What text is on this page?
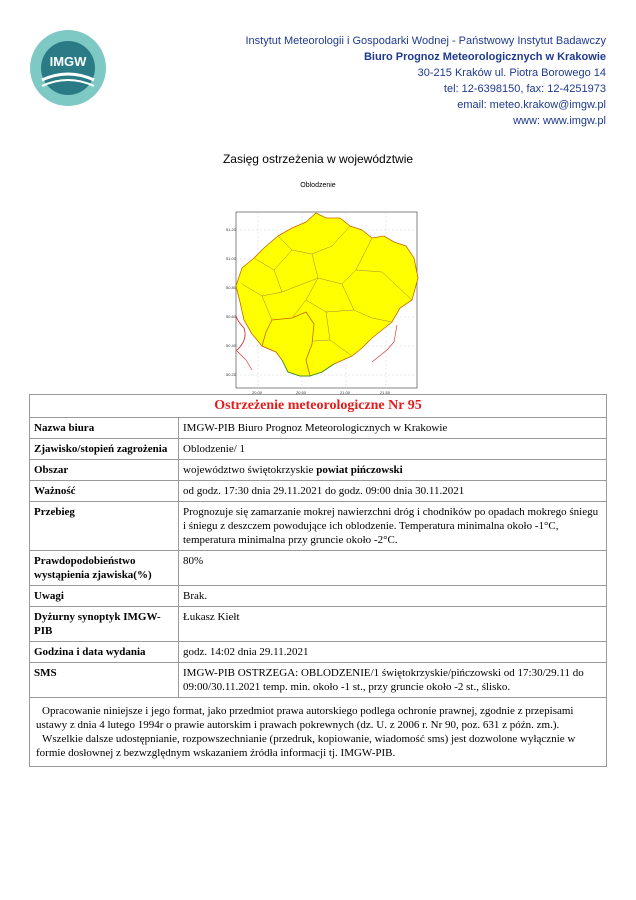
IMGW
Instytut Meteorologii i Gospodarki Wodnej - Państwowy Instytut Badawczy
Biuro Prognoz Meteorologicznych w Krakowie
30-215 Kraków ul. Piotra Borowego 14
tel: 12-6398150, fax: 12-4251973
email: meteo.krakow@imgw.pl
www: www.imgw.pl
Zasięg ostrzeżenia w województwie
Oblodzenie
51.20
51.00
50.80
50.60
50.40
50.20
20.00	20.50	21.00	21.50
Ostrzeżenie meteorologiczne Nr 95	
Nazwa biura	IMGW-PIB Biuro Prognoz Meteorologicznych w Krakowie
Zjawisko/stopień zagrożenia	Oblodzenie/ 1
Obszar	województwo świętokrzyskie powiat pińczowski
Ważność	od godz. 17:30 dnia 29.11.2021 do godz. 09:00 dnia 30.11.2021
Przebieg	Prognozuje się zamarzanie mokrej nawierzchni dróg i chodników po opadach mokrego śniegu i śniegu z deszczem powodujące ich oblodzenie. Temperatura minimalna około -1°C, temperatura minimalna przy gruncie około -2°C.
Prawdopodobieństwo wystąpienia zjawiska(%)	80%
Uwagi	Brak.
Dyżurny synoptyk IMGW-PIB	Łukasz Kiełt
Godzina i data wydania	godz. 14:02 dnia 29.11.2021
SMS	IMGW-PIB OSTRZEGA: OBLODZENIE/1 świętokrzyskie/pińczowski od 17:30/29.11 do 09:00/30.11.2021 temp. min. około -1 st., przy gruncie około -2 st., ślisko.

Opracowanie niniejsze i jego format, jako przedmiot prawa autorskiego podlega ochronie prawnej, zgodnie z przepisami ustawy z dnia 4 lutego 1994r o prawie autorskim i prawach pokrewnych (dz. U. z 2006 r. Nr 90, poz. 631 z późn. zm.).

Wszelkie dalsze udostępnianie, rozpowszechnianie (przedruk, kopiowanie, wiadomość sms) jest dozwolone wyłącznie w formie dosłownej z bezwzględnym wskazaniem źródła informacji tj. IMGW-PIB.
